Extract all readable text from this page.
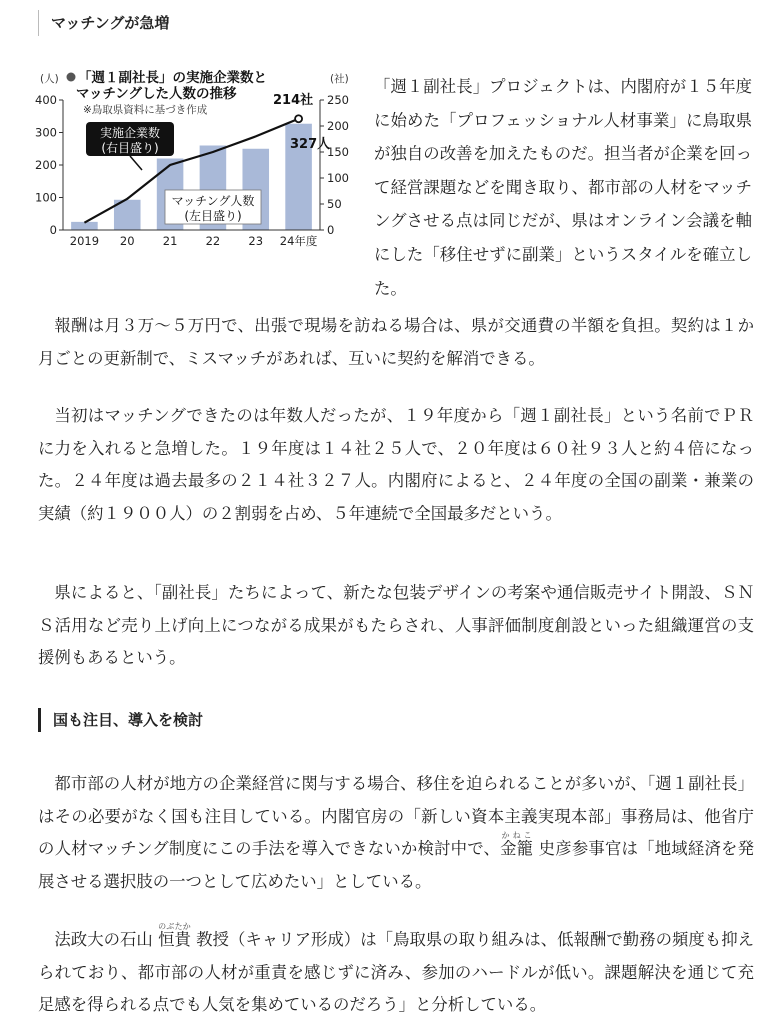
マッチングが急増
400
300
200
100
0
250
200
150
100
50
0
2019 20 21 22 23 24年度
「週１副社長」の実施企業数と
マッチングした人数の推移
※鳥取県資料に基づき作成
(人)	(社)
実施企業数
(右目盛り)
マッチング人数
(左目盛り)
214社
327人

「週１副社長」プロジェクトは、内閣府が１５年度に始めた「プロフェッショナル人材事業」に鳥取県が独自の改善を加えたものだ。担当者が企業を回って経営課題などを聞き取り、都市部の人材をマッチングさせる点は同じだが、県はオンライン会議を軸にした「移住せずに副業」というスタイルを確立した。

報酬は月３万～５万円で、出張で現場を訪ねる場合は、県が交通費の半額を負担。契約は１か月ごとの更新制で、ミスマッチがあれば、互いに契約を解消できる。

当初はマッチングできたのは年数人だったが、１９年度から「週１副社長」という名前でＰＲに力を入れると急増した。１９年度は１４社２５人で、２０年度は６０社９３人と約４倍になった。２４年度は過去最多の２１４社３２７人。内閣府によると、２４年度の全国の副業・兼業の実績（約１９００人）の２割弱を占め、５年連続で全国最多だという。

県によると、「副社長」たちによって、新たな包装デザインの考案や通信販売サイト開設、ＳＮＳ活用など売り上げ向上につながる成果がもたらされ、人事評価制度創設といった組織運営の支援例もあるという。

国も注目、導入を検討

都市部の人材が地方の企業経営に関与する場合、移住を迫られることが多いが、「週１副社長」はその必要がなく国も注目している。内閣官房の「新しい資本主義実現本部」事務局は、他省庁の人材マッチング制度にこの手法を導入できないか検討中で、金籠かねこ 史彦参事官は「地域経済を発展させる選択肢の一つとして広めたい」としている。

法政大の石山 恒貴のぶたか 教授（キャリア形成）は「鳥取県の取り組みは、低報酬で勤務の頻度も抑えられており、都市部の人材が重責を感じずに済み、参加のハードルが低い。課題解決を通じて充足感を得られる点でも人気を集めているのだろう」と分析している。
